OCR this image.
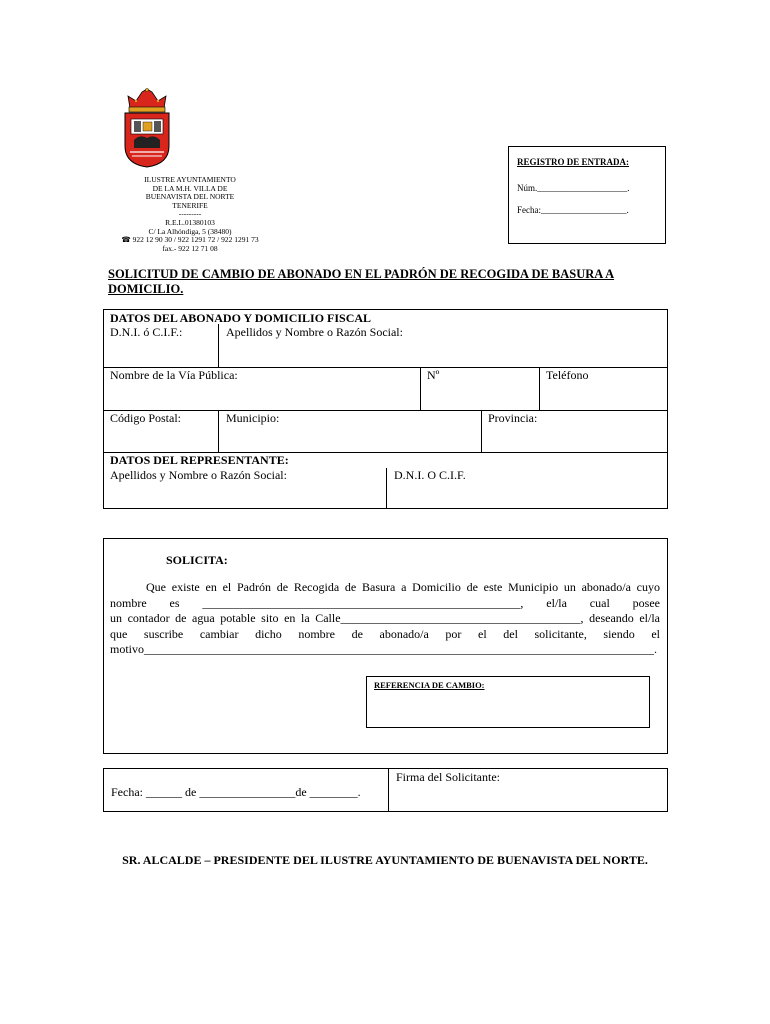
ILUSTRE AYUNTAMIENTO
DE LA M.H. VILLA DE
BUENAVISTA DEL NORTE
TENERIFE
---------
R.E.L.01380103
C/ La Alhóndiga, 5 (38480)
☎ 922 12 90 30 / 922 1291 72 / 922 1291 73
fax.- 922 12 71 08
REGISTRO DE ENTRADA:
Núm.____________________.
Fecha:___________________.
SOLICITUD DE CAMBIO DE ABONADO EN EL PADRÓN DE RECOGIDA DE BASURA A DOMICILIO.
DATOS DEL ABONADO Y DOMICILIO FISCAL
D.N.I. ó C.I.F.:	Apellidos y Nombre o Razón Social:
Nombre de la Vía Pública:	Nº	Teléfono
Código Postal:	Municipio:	Provincia:
DATOS DEL REPRESENTANTE:
Apellidos y Nombre o Razón Social:	D.N.I. O C.I.F.
SOLICITA:
Que existe en el Padrón de Recogida de Basura a Domicilio de este Municipio un abonado/a cuyo
nombre es _____________________________________________________, el/la cual posee
un contador de agua potable sito en la Calle________________________________________, deseando el/la
que suscribe cambiar dicho nombre de abonado/a por el del solicitante, siendo el
motivo_____________________________________________________________________________________.
REFERENCIA DE CAMBIO:
Fecha: ______ de ________________de ________.
Firma del Solicitante:
SR. ALCALDE – PRESIDENTE DEL ILUSTRE AYUNTAMIENTO DE BUENAVISTA DEL NORTE.
